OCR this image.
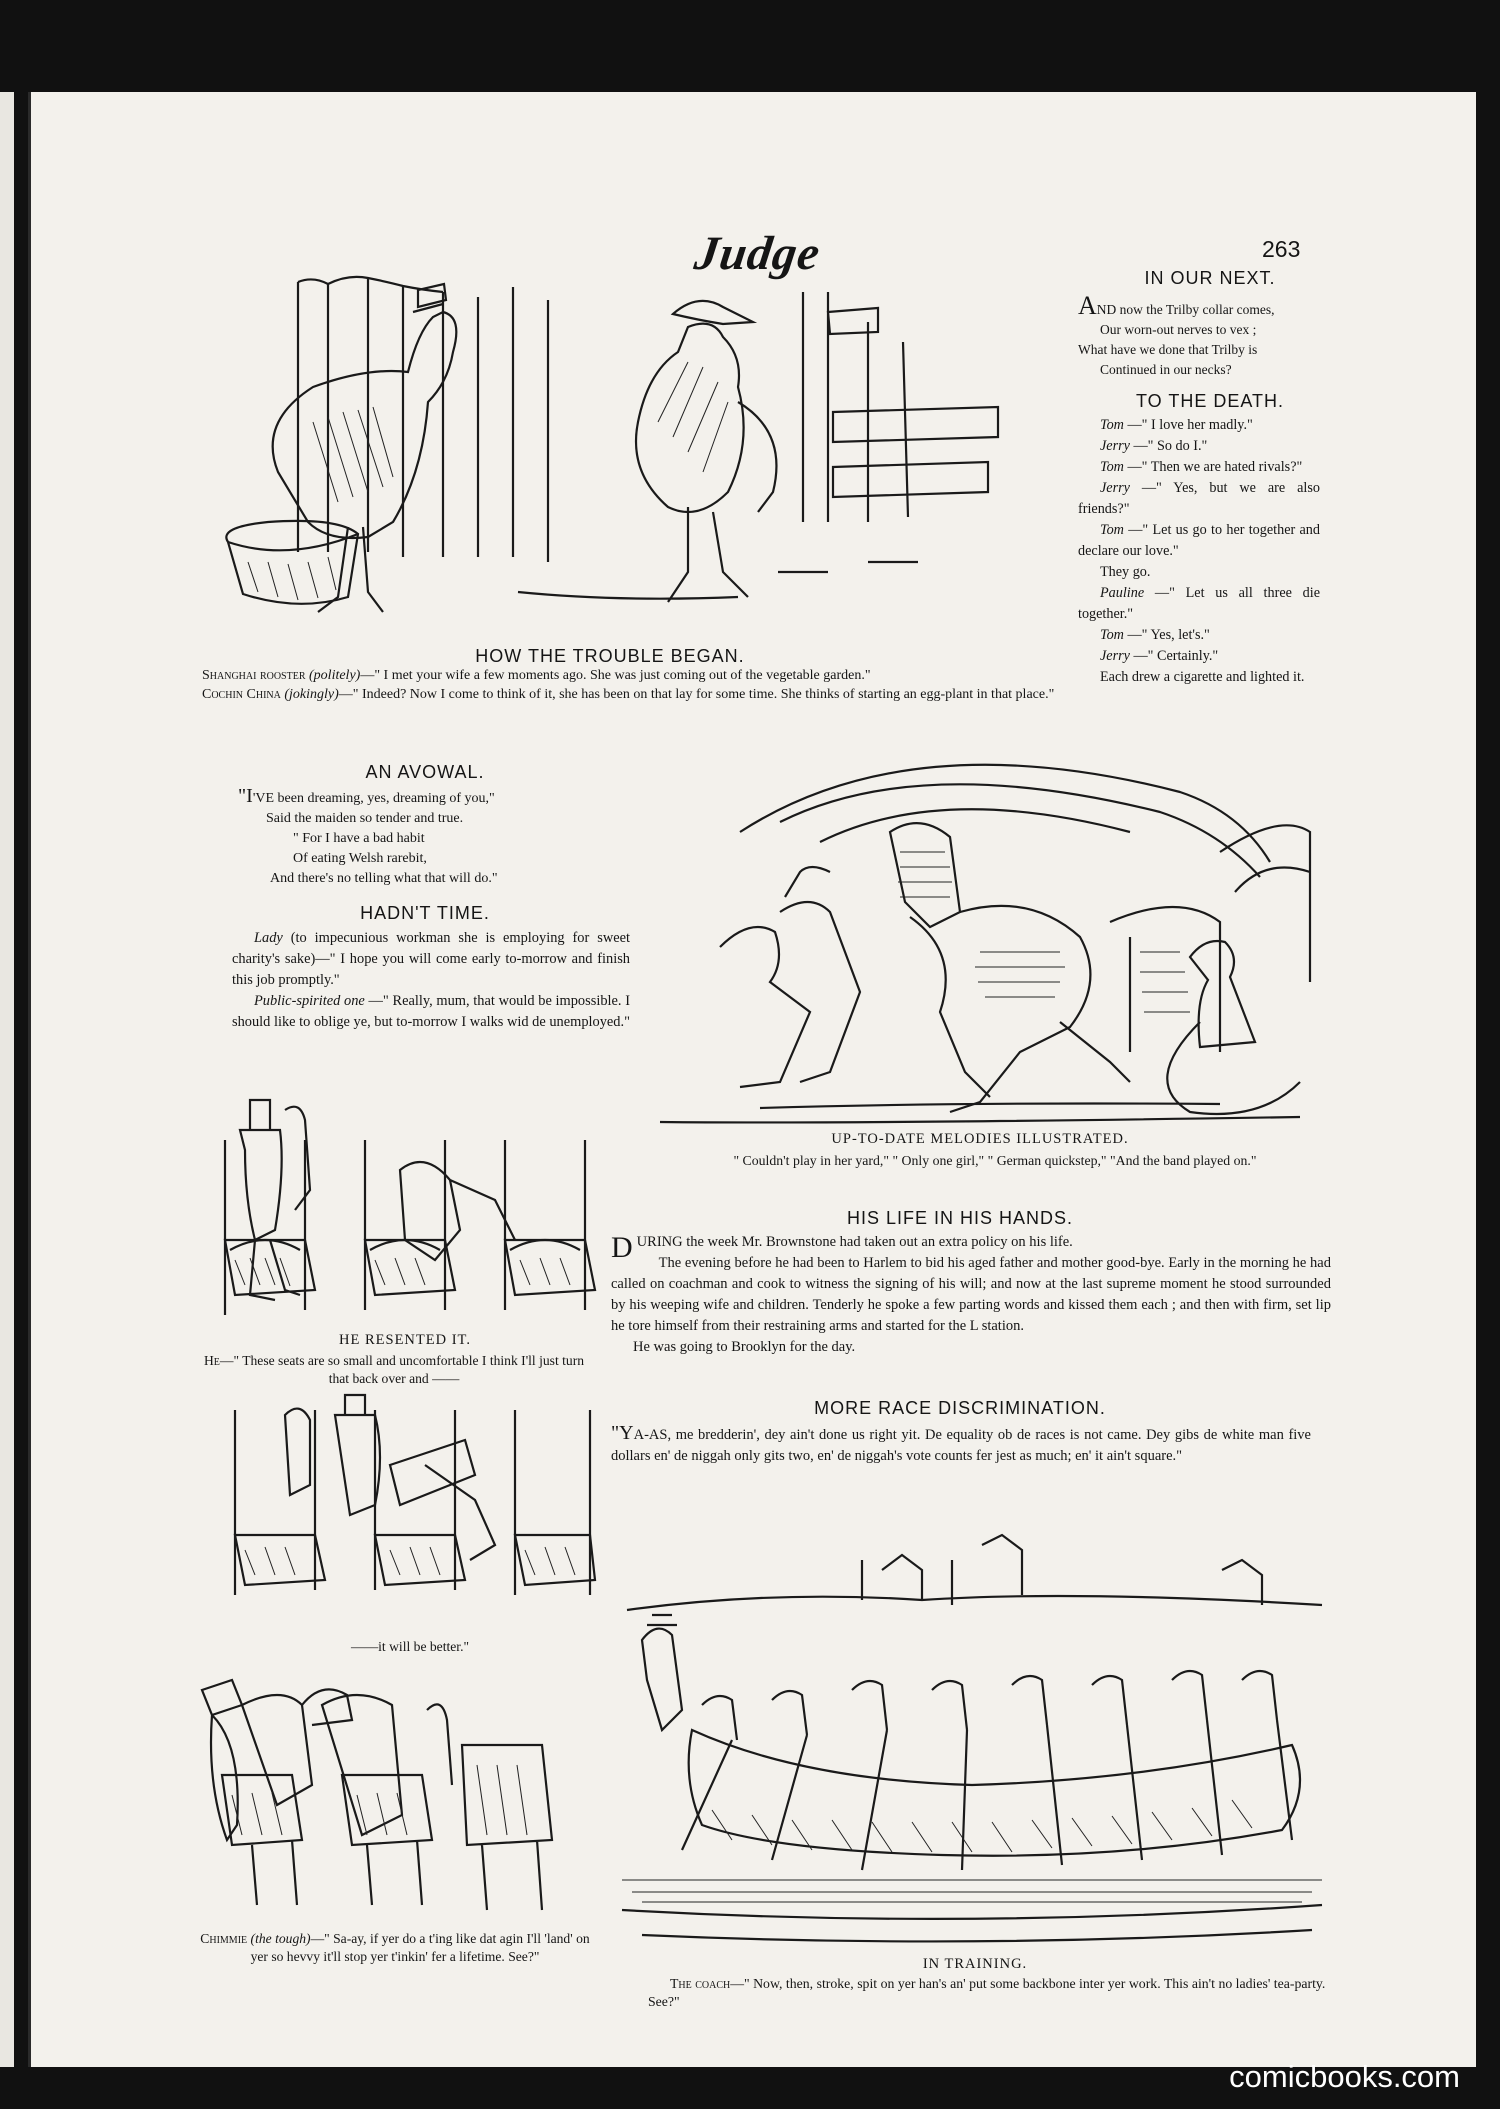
Judge	263
HOW THE TROUBLE BEGAN.
Shanghai rooster (politely)—" I met your wife a few moments ago. She was just coming out of the vegetable garden."
Cochin China (jokingly)—" Indeed? Now I come to think of it, she has been on that lay for some time. She thinks of starting an egg-plant in that place."
IN OUR NEXT.
AND now the Trilby collar comes,
Our worn-out nerves to vex ;
What have we done that Trilby is
Continued in our necks?
TO THE DEATH.
Tom —" I love her madly."
Jerry —" So do I."
Tom —" Then we are hated rivals?"
Jerry —" Yes, but we are also friends?"
Tom —" Let us go to her together and declare our love."
They go.
Pauline —" Let us all three die together."
Tom —" Yes, let's."
Jerry —" Certainly."
Each drew a cigarette and lighted it.
AN AVOWAL.
"I'VE been dreaming, yes, dreaming of you,"
Said the maiden so tender and true.
" For I have a bad habit
Of eating Welsh rarebit,
And there's no telling what that will do."
HADN'T TIME.
Lady (to impecunious workman she is employing for sweet charity's sake)—" I hope you will come early to-morrow and finish this job promptly."
Public-spirited one —" Really, mum, that would be impossible. I should like to oblige ye, but to-morrow I walks wid de unemployed."
UP-TO-DATE MELODIES ILLUSTRATED.
" Couldn't play in her yard," " Only one girl," " German quickstep," "And the band played on."
HE RESENTED IT.
He—" These seats are so small and uncomfortable I think I'll just turn that back over and ——
——it will be better."
Chimmie (the tough)—" Sa-ay, if yer do a t'ing like dat agin I'll 'land' on yer so hevvy it'll stop yer t'inkin' fer a lifetime. See?"
HIS LIFE IN HIS HANDS.
DURING the week Mr. Brownstone had taken out an extra policy on his life.
The evening before he had been to Harlem to bid his aged father and mother good-bye. Early in the morning he had called on coachman and cook to witness the signing of his will; and now at the last supreme moment he stood surrounded by his weeping wife and children. Tenderly he spoke a few parting words and kissed them each ; and then with firm, set lip he tore himself from their restraining arms and started for the L station.
He was going to Brooklyn for the day.
MORE RACE DISCRIMINATION.
"YA-AS, me bredderin', dey ain't done us right yit. De equality ob de races is not came. Dey gibs de white man five dollars en' de niggah only gits two, en' de niggah's vote counts fer jest as much; en' it ain't square."
IN TRAINING.
The coach—" Now, then, stroke, spit on yer han's an' put some backbone inter yer work. This ain't no ladies' tea-party. See?"
comicbooks.com
